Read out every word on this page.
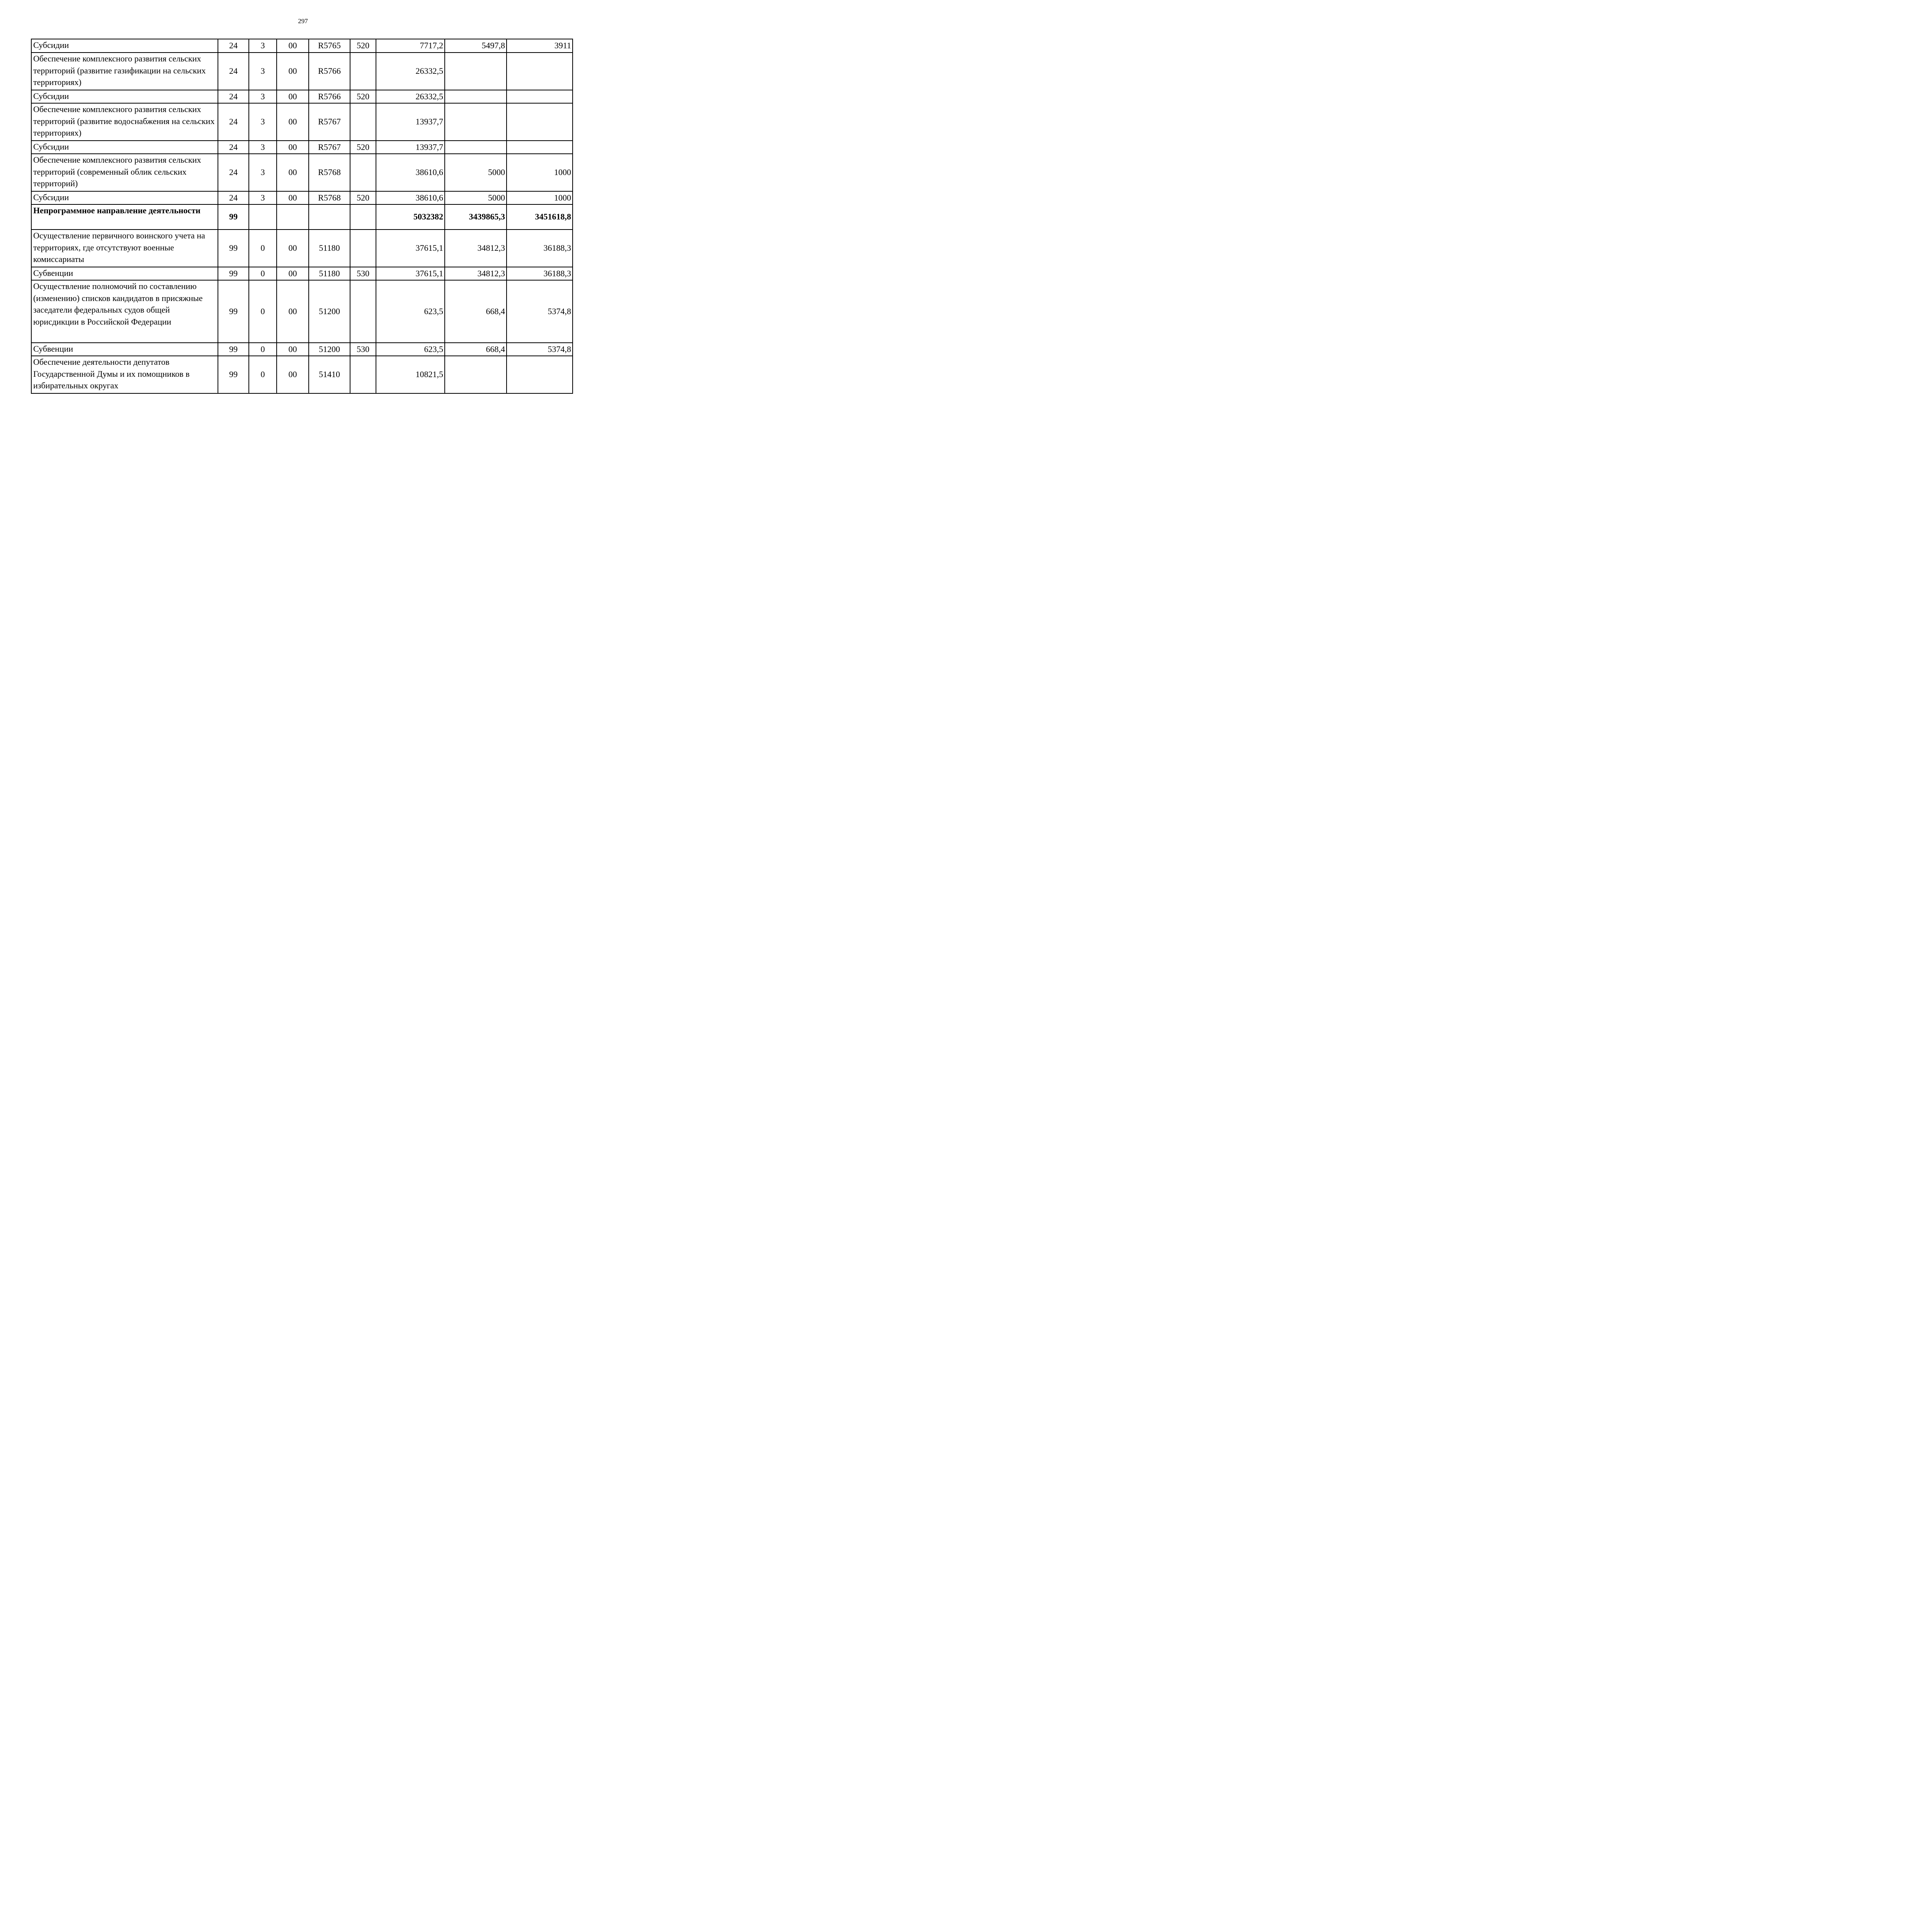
297
Субсидии	24	3	00	R5765	520	7717,2	5497,8	3911
Обеспечение комплексного развития сельских территорий (развитие газификации на сельских территориях)	24	3	00	R5766		26332,5		
Субсидии	24	3	00	R5766	520	26332,5		
Обеспечение комплексного развития сельских территорий (развитие водоснабжения на сельских территориях)	24	3	00	R5767		13937,7		
Субсидии	24	3	00	R5767	520	13937,7		
Обеспечение комплексного развития сельских территорий (современный облик сельских территорий)	24	3	00	R5768		38610,6	5000	1000
Субсидии	24	3	00	R5768	520	38610,6	5000	1000
Непрограммное направление деятельности	99					5032382	3439865,3	3451618,8
Осуществление первичного воинского учета на территориях, где отсутствуют военные комиссариаты	99	0	00	51180		37615,1	34812,3	36188,3
Субвенции	99	0	00	51180	530	37615,1	34812,3	36188,3
Осуществление полномочий по составлению (изменению) списков кандидатов в присяжные заседатели федеральных судов общей юрисдикции в Российской Федерации	99	0	00	51200		623,5	668,4	5374,8
Субвенции	99	0	00	51200	530	623,5	668,4	5374,8
Обеспечение деятельности депутатов Государственной Думы и их помощников в избирательных округах	99	0	00	51410		10821,5		
